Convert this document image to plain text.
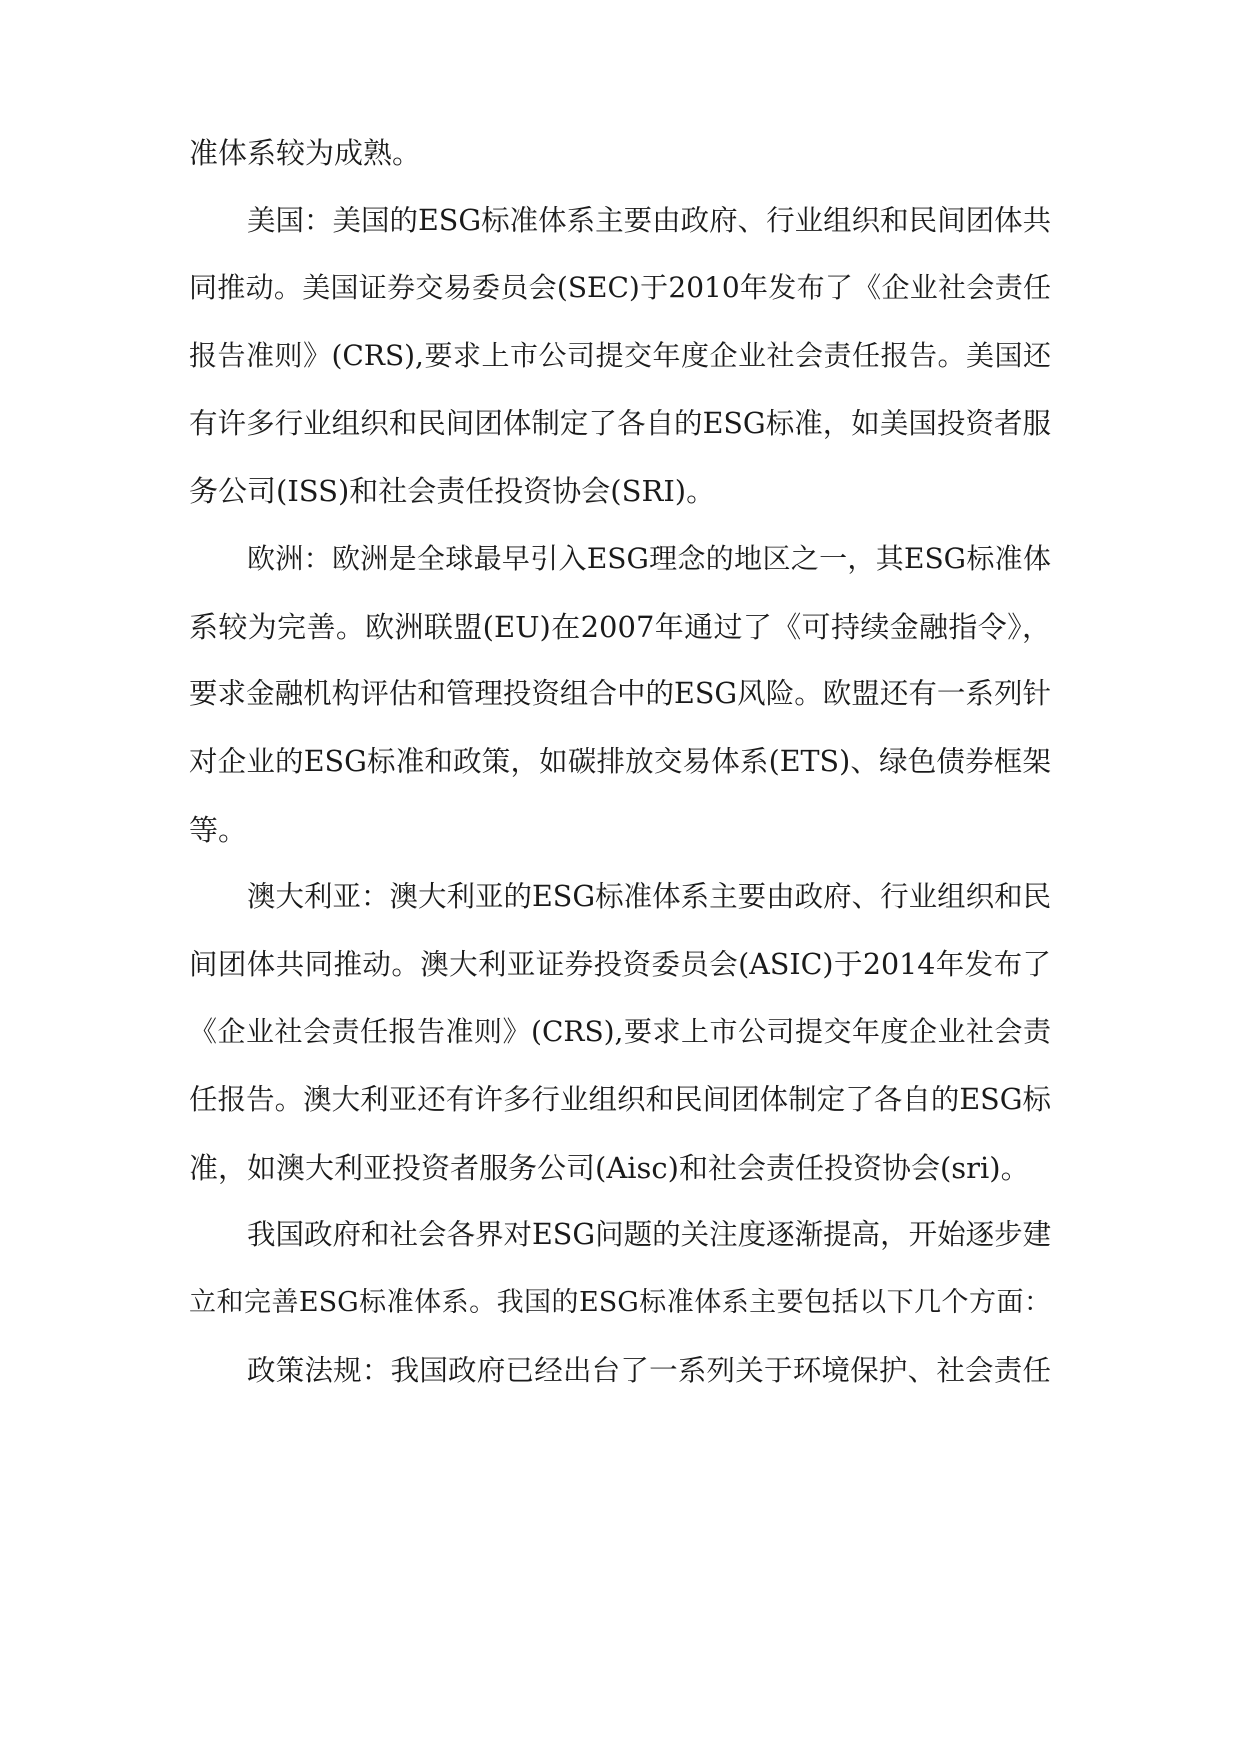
准体系较为成熟。
美国：美国的ESG标准体系主要由政府、行业组织和民间团体共
同推动。美国证券交易委员会(SEC)于2010年发布了《企业社会责任
报告准则》(CRS),要求上市公司提交年度企业社会责任报告。美国还
有许多行业组织和民间团体制定了各自的ESG标准，如美国投资者服
务公司(ISS)和社会责任投资协会(SRI)。
欧洲：欧洲是全球最早引入ESG理念的地区之一，其ESG标准体
系较为完善。欧洲联盟(EU)在2007年通过了《可持续金融指令》，
要求金融机构评估和管理投资组合中的ESG风险。欧盟还有一系列针
对企业的ESG标准和政策，如碳排放交易体系(ETS)、绿色债券框架
等。
澳大利亚：澳大利亚的ESG标准体系主要由政府、行业组织和民
间团体共同推动。澳大利亚证券投资委员会(ASIC)于2014年发布了
《企业社会责任报告准则》(CRS),要求上市公司提交年度企业社会责
任报告。澳大利亚还有许多行业组织和民间团体制定了各自的ESG标
准，如澳大利亚投资者服务公司(Aisc)和社会责任投资协会(sri)。
我国政府和社会各界对ESG问题的关注度逐渐提高，开始逐步建
立和完善ESG标准体系。我国的ESG标准体系主要包括以下几个方面：
政策法规：我国政府已经出台了一系列关于环境保护、社会责任
